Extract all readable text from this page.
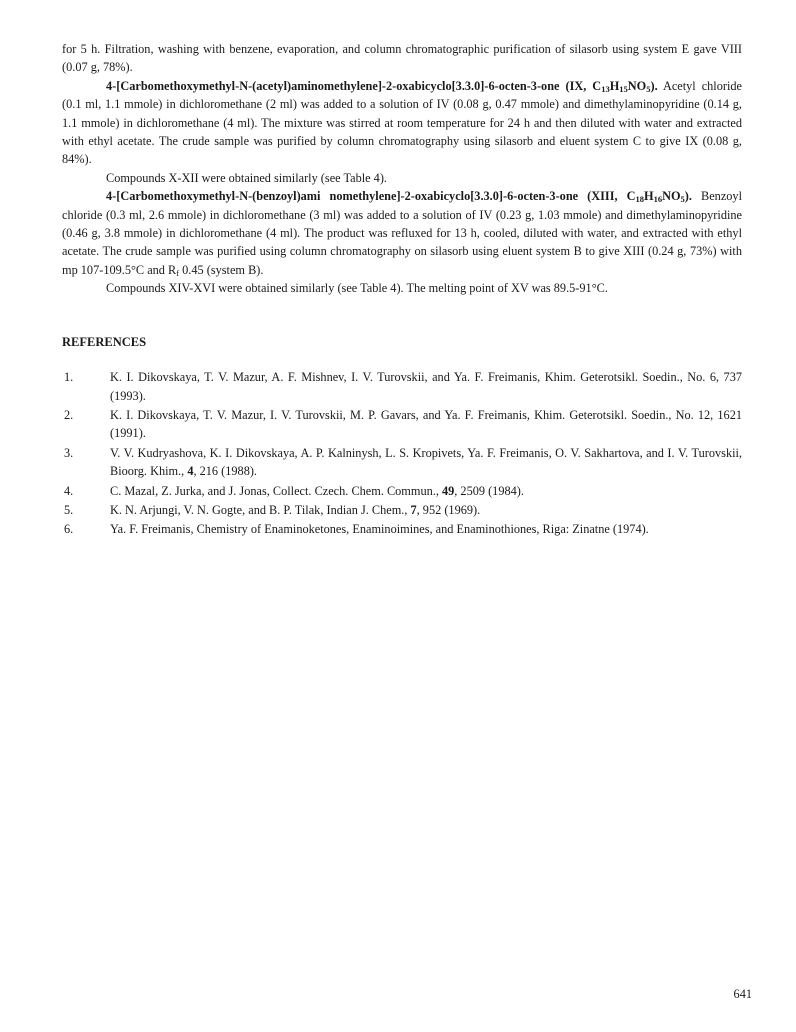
for 5 h. Filtration, washing with benzene, evaporation, and column chromatographic purification of silasorb using system E gave VIII (0.07 g, 78%).

4-[Carbomethoxymethyl-N-(acetyl)aminomethylene]-2-oxabicyclo[3.3.0]-6-octen-3-one (IX, $C_{13}H_{15}NO_5$). Acetyl chloride (0.1 ml, 1.1 mmole) in dichloromethane (2 ml) was added to a solution of IV (0.08 g, 0.47 mmole) and dimethylaminopyridine (0.14 g, 1.1 mmole) in dichloromethane (4 ml). The mixture was stirred at room temperature for 24 h and then diluted with water and extracted with ethyl acetate. The crude sample was purified by column chromatography using silasorb and eluent system C to give IX (0.08 g, 84%).

Compounds X-XII were obtained similarly (see Table 4).

4-[Carbomethoxymethyl-N-(benzoyl)ami nomethylene]-2-oxabicyclo[3.3.0]-6-octen-3-one (XIII, $C_{18}H_{16}NO_5$). Benzoyl chloride (0.3 ml, 2.6 mmole) in dichloromethane (3 ml) was added to a solution of IV (0.23 g, 1.03 mmole) and dimethylaminopyridine (0.46 g, 3.8 mmole) in dichloromethane (4 ml). The product was refluxed for 13 h, cooled, diluted with water, and extracted with ethyl acetate. The crude sample was purified using column chromatography on silasorb using eluent system B to give XIII (0.24 g, 73%) with mp 107-109.5°C and $R_f$ 0.45 (system B).

Compounds XIV-XVI were obtained similarly (see Table 4). The melting point of XV was 89.5-91°C.

REFERENCES
1.	K. I. Dikovskaya, T. V. Mazur, A. F. Mishnev, I. V. Turovskii, and Ya. F. Freimanis, Khim. Geterotsikl. Soedin., No. 6, 737 (1993).
2.	K. I. Dikovskaya, T. V. Mazur, I. V. Turovskii, M. P. Gavars, and Ya. F. Freimanis, Khim. Geterotsikl. Soedin., No. 12, 1621 (1991).
3.	V. V. Kudryashova, K. I. Dikovskaya, A. P. Kalninysh, L. S. Kropivets, Ya. F. Freimanis, O. V. Sakhartova, and I. V. Turovskii, Bioorg. Khim., 4, 216 (1988).
4.	C. Mazal, Z. Jurka, and J. Jonas, Collect. Czech. Chem. Commun., 49, 2509 (1984).
5.	K. N. Arjungi, V. N. Gogte, and B. P. Tilak, Indian J. Chem., 7, 952 (1969).
6.	Ya. F. Freimanis, Chemistry of Enaminoketones, Enaminoimines, and Enaminothiones, Riga: Zinatne (1974).
641
